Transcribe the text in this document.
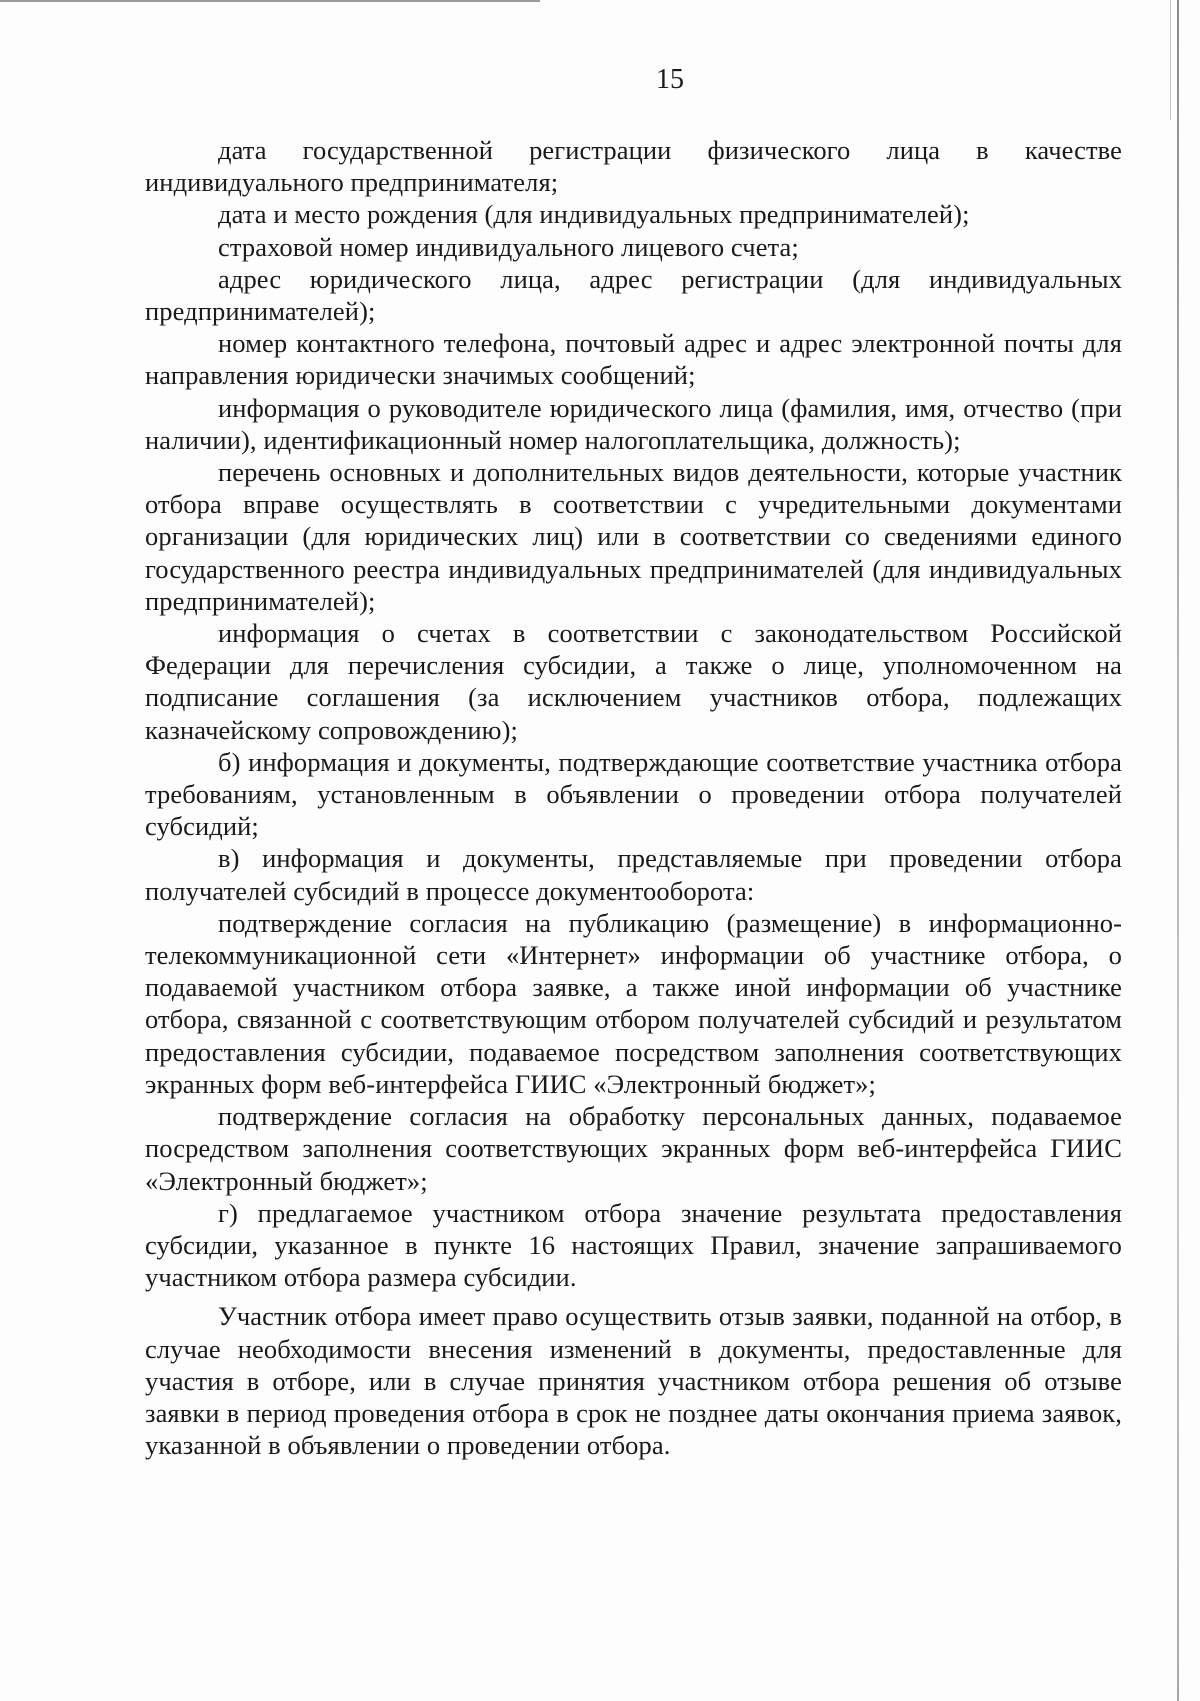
15

дата государственной регистрации физического лица в качестве индивидуального предпринимателя;

дата и место рождения (для индивидуальных предпринимателей);

страховой номер индивидуального лицевого счета;

адрес юридического лица, адрес регистрации (для индивидуальных предпринимателей);

номер контактного телефона, почтовый адрес и адрес электронной почты для направления юридически значимых сообщений;

информация о руководителе юридического лица (фамилия, имя, отчество (при наличии), идентификационный номер налогоплательщика, должность);

перечень основных и дополнительных видов деятельности, которые участник отбора вправе осуществлять в соответствии с учредительными документами организации (для юридических лиц) или в соответствии со сведениями единого государственного реестра индивидуальных предпринимателей (для индивидуальных предпринимателей);

информация о счетах в соответствии с законодательством Российской Федерации для перечисления субсидии, а также о лице, уполномоченном на подписание соглашения (за исключением участников отбора, подлежащих казначейскому сопровождению);

б) информация и документы, подтверждающие соответствие участника отбора требованиям, установленным в объявлении о проведении отбора получателей субсидий;

в) информация и документы, представляемые при проведении отбора получателей субсидий в процессе документооборота:

подтверждение согласия на публикацию (размещение) в информационно-телекоммуникационной сети «Интернет» информации об участнике отбора, о подаваемой участником отбора заявке, а также иной информации об участнике отбора, связанной с соответствующим отбором получателей субсидий и результатом предоставления субсидии, подаваемое посредством заполнения соответствующих экранных форм веб-интерфейса ГИИС «Электронный бюджет»;

подтверждение согласия на обработку персональных данных, подаваемое посредством заполнения соответствующих экранных форм веб-интерфейса ГИИС «Электронный бюджет»;

г) предлагаемое участником отбора значение результата предоставления субсидии, указанное в пункте 16 настоящих Правил, значение запрашиваемого участником отбора размера субсидии.

Участник отбора имеет право осуществить отзыв заявки, поданной на отбор, в случае необходимости внесения изменений в документы, предоставленные для участия в отборе, или в случае принятия участником отбора решения об отзыве заявки в период проведения отбора в срок не позднее даты окончания приема заявок, указанной в объявлении о проведении отбора.
